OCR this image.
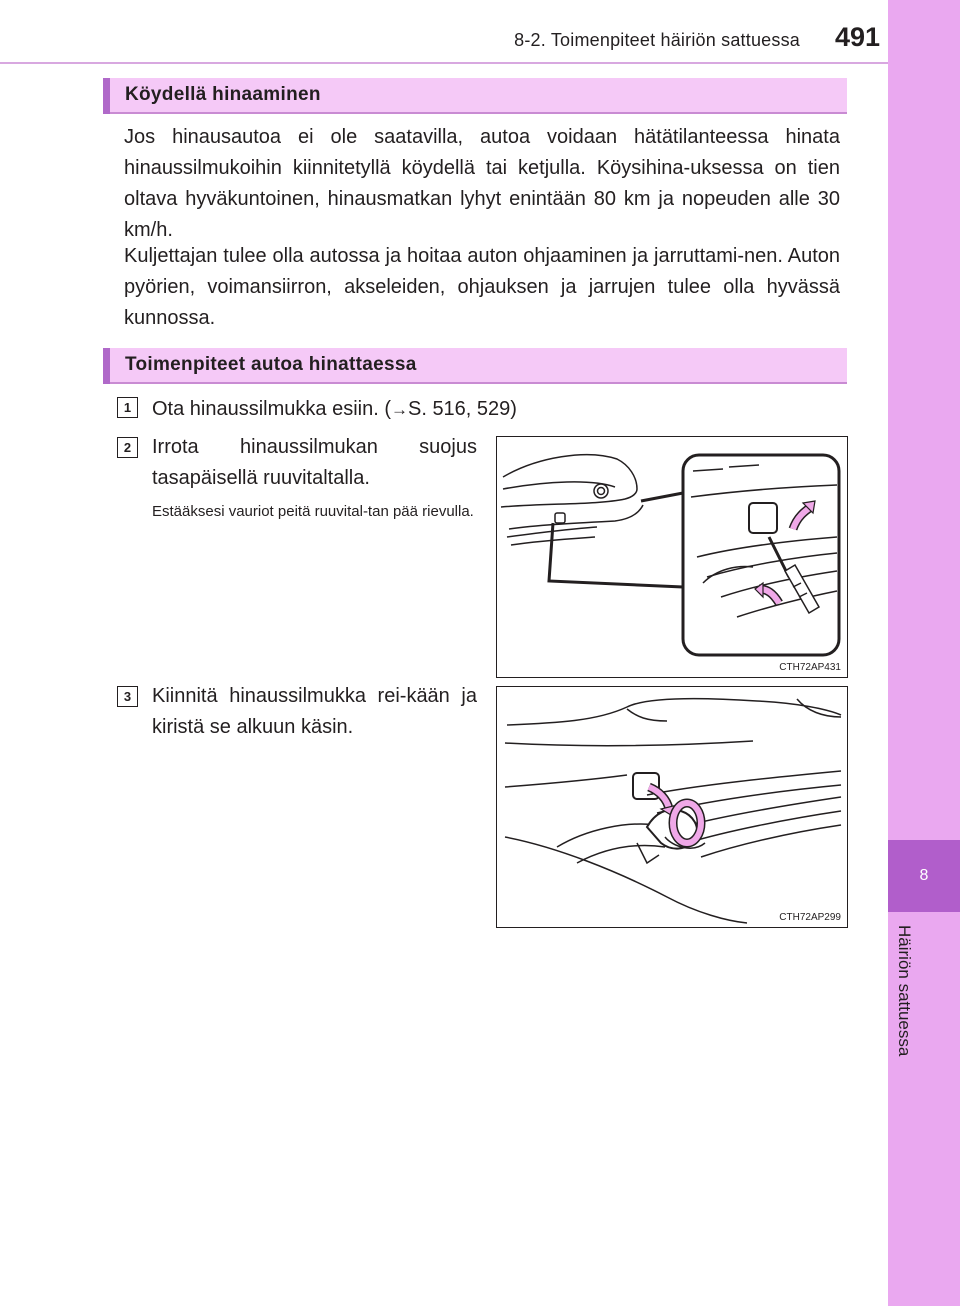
8-2. Toimenpiteet häiriön sattuessa	491
8
Häiriön sattuessa
Köydellä hinaaminen
Jos hinausautoa ei ole saatavilla, autoa voidaan hätätilanteessa hinata hinaussilmukoihin kiinnitetyllä köydellä tai ketjulla. Köysihina-uksessa on tien oltava hyväkuntoinen, hinausmatkan lyhyt enintään 80 km ja nopeuden alle 30 km/h.
Kuljettajan tulee olla autossa ja hoitaa auton ohjaaminen ja jarruttami-nen. Auton pyörien, voimansiirron, akseleiden, ohjauksen ja jarrujen tulee olla hyvässä kunnossa.
Toimenpiteet autoa hinattaessa
1	Ota hinaussilmukka esiin. (→S. 516, 529)
2	Irrota hinaussilmukan suojus tasapäisellä ruuvitaltalla.
Estääksesi vauriot peitä ruuvital-tan pää rievulla.
CTH72AP431
3	Kiinnitä hinaussilmukka rei-kään ja kiristä se alkuun käsin.
CTH72AP299
